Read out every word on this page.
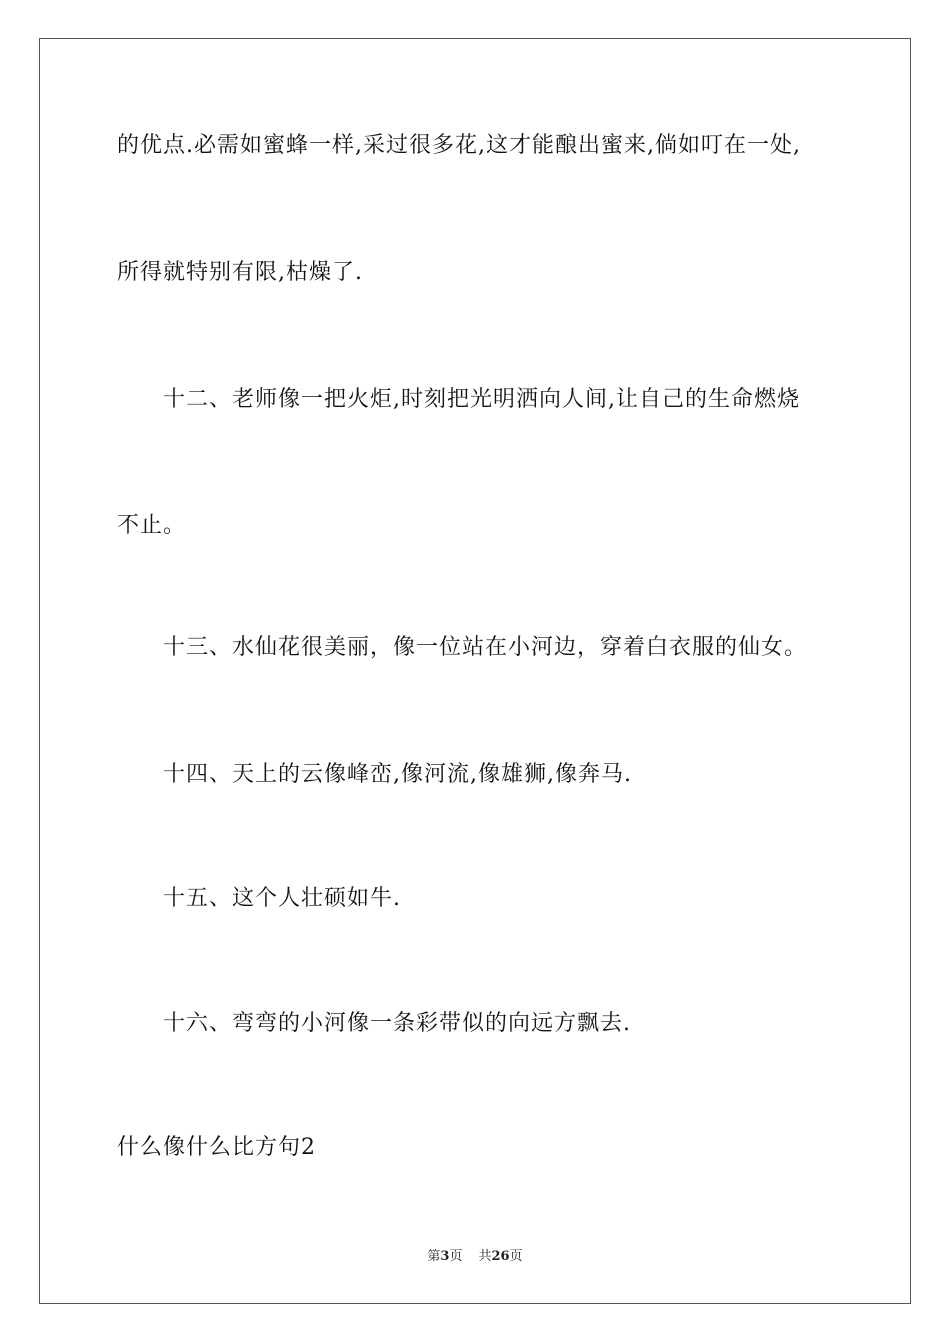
的优点.必需如蜜蜂一样,采过很多花,这才能酿出蜜来,倘如叮在一处,
所得就特别有限,枯燥了.
十二、老师像一把火炬,时刻把光明洒向人间,让自己的生命燃烧
不止。
十三、水仙花很美丽，像一位站在小河边，穿着白衣服的仙女。
十四、天上的云像峰峦,像河流,像雄狮,像奔马.
十五、这个人壮硕如牛.
十六、弯弯的小河像一条彩带似的向远方飘去.
什么像什么比方句2
第3页 共26页
